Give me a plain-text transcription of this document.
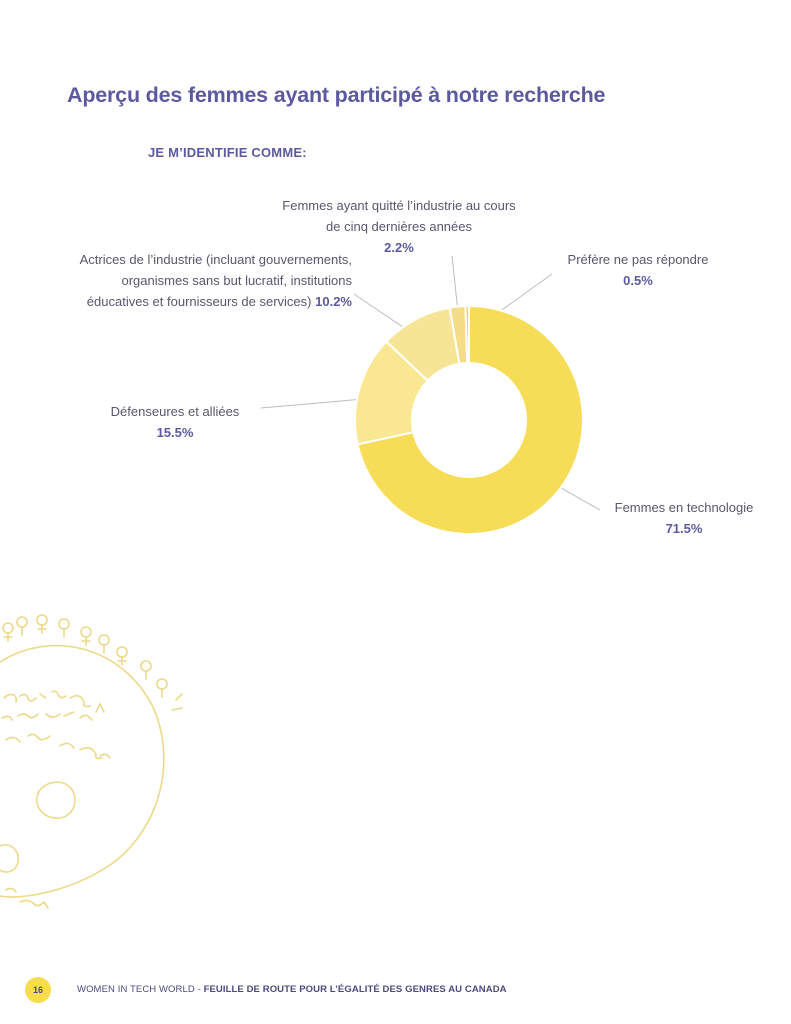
Aperçu des femmes ayant participé à notre recherche
JE M’IDENTIFIE COMME:
Femmes ayant quitté l’industrie au cours
de cinq dernières années
2.2%
Actrices de l’industrie (incluant gouvernements,
organismes sans but lucratif, institutions
éducatives et fournisseurs de services) 10.2%
Préfère ne pas répondre
0.5%
Défenseures et alliées
15.5%
Femmes en technologie
71.5%
16	WOMEN IN TECH WORLD - FEUILLE DE ROUTE POUR L’ÉGALITÉ DES GENRES AU CANADA
